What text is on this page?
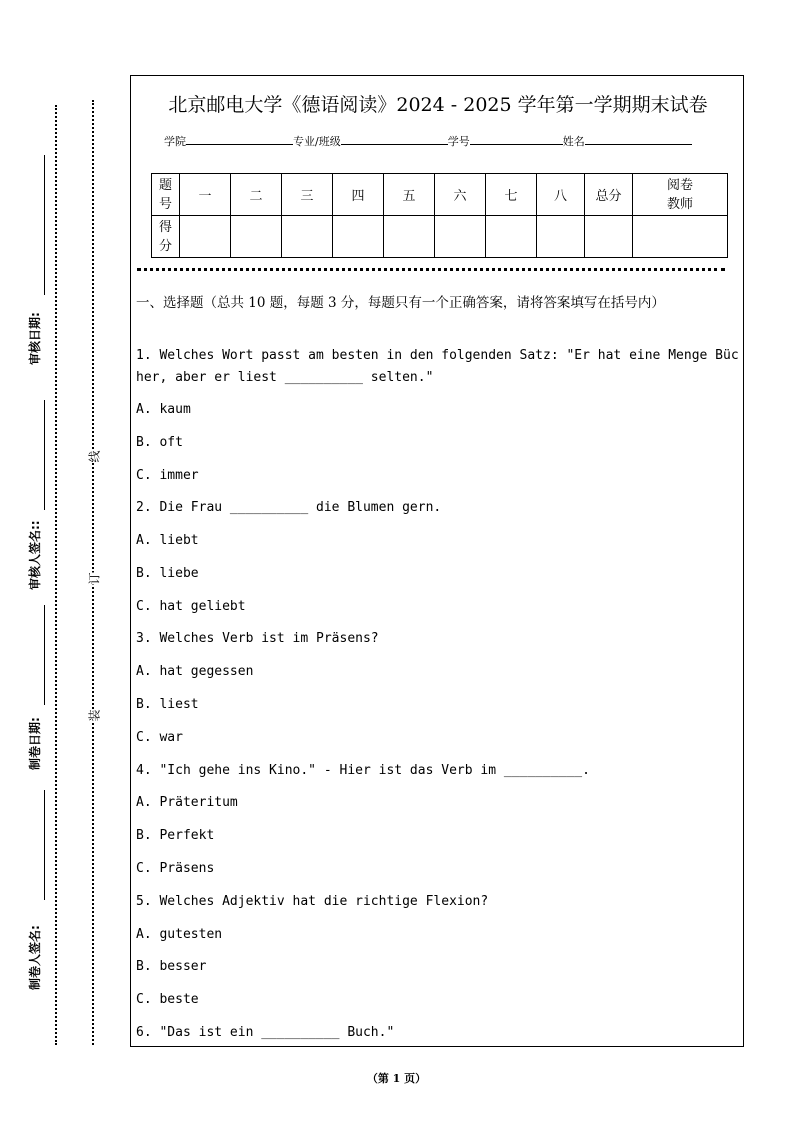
审核日期:
审核人签名::
制卷日期:
制卷人签名:
线
订
装
北京邮电大学《德语阅读》2024 - 2025 学年第一学期期末试卷
学院	专业/班级	学号	姓名
题号	一	二	三	四	五	六	七	八	总分	阅卷教师

得分										

一、选择题（总共 10 题，每题 3 分，每题只有一个正确答案，请将答案填写在括号内）
1. Welches Wort passt am besten in den folgenden Satz: "Er hat eine Menge Bücher, aber er liest __________ selten."
A. kaum
B. oft
C. immer
2. Die Frau __________ die Blumen gern.
A. liebt
B. liebe
C. hat geliebt
3. Welches Verb ist im Präsens?
A. hat gegessen
B. liest
C. war
4. "Ich gehe ins Kino." - Hier ist das Verb im __________.
A. Präteritum
B. Perfekt
C. Präsens
5. Welches Adjektiv hat die richtige Flexion?
A. gutesten
B. besser
C. beste
6. "Das ist ein __________ Buch."
（第 1 页）
